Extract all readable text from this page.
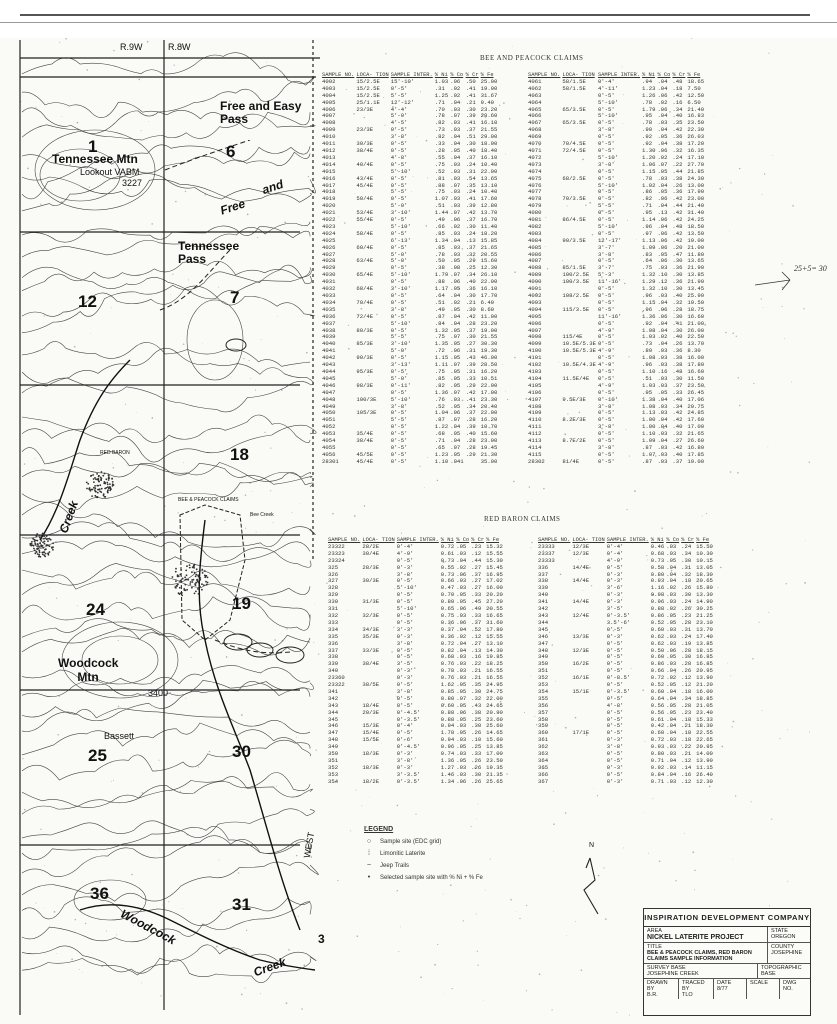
R.9W	R.8W
1	6
7
12
18
19
24
25	30
31
36
3
Tennessee Mtn
Lookout VABM
3227
Free and Easy Pass
Free
and
Tennessee Pass
Woodcock Mtn
3400
Bassett
Woodcock
Creek
Creek
WEST
BEE & PEACOCK CLAIMS
Bee Creek
RED BARON
25+5= 30
BEE AND PEACOCK CLAIMS
SAMPLE NO.	LOCA- TION	SAMPLE INTER.	% Ni	% Co	% Cr	% Fe
4002	15/2.5E	15'-10'	1.03	.06	.50	25.00
4003	15/2.5E	0'-5'	.31	.02	.41	19.00
4004	15/2.5E	5'-5'	1.25	.02	.41	31.67
4005	25/1.1E	12'-12'	.71	.04	.21	9.40
4006	23/3E	4'-4'	.70	.03	.30	23.20
4007		5'-0'	.78	.07	.39	28.60
4008		4'-5'	.82	.03	.41	16.10
4009	23/3E	0'-5'	.73	.03	.37	21.55
4010		3'-8'	.82	.04	.51	29.00
4011	30/3E	0'-5'	.33	.04	.30	18.00
4012	38/4E	0'-5'	.28	.05	.40	18.40
4013		4'-8'	.55	.04	.37	16.10
4014	40/4E	0'-5'	.75	.03	.24	10.40
4015		5'-10'	.52	.03	.31	22.00
4016	43/4E	0'-5'	.81	.03	.54	13.65
4017	45/4E	0'-5'	.88	.07	.35	13.10
4018		5'-5'	.75	.03	.24	10.40
4019	50/4E	0'-5'	1.07	.03	.41	17.60
4020		5'-0'	.51	.03	.39	12.80
4021	53/4E	3'-10'	1.44	.07	.42	13.70
4022	55/4E	0'-5'	.49	.06	.37	16.70
4023		5'-10'	.66	.02	.30	11.40
4024	58/4E	0'-5'	.85	.03	.24	18.20
4025		6'-13'	1.34	.04	.13	15.85
4026	60/4E	0'-5'	.85	.03	.37	21.65
4027		5'-0'	.78	.03	.32	20.55
4028	63/4E	5'-0'	.50	.05	.29	15.60
4029		0'-5'	.38	.08	.25	12.30
4030	65/4E	5'-10'	1.79	.07	.34	26.10
4031		0'-5'	.88	.06	.40	22.00
4032	68/4E	3'-10'	1.17	.05	.36	16.10
4033		0'-5'	.64	.04	.30	17.70
4034	70/4E	0'-5'	.51	.02	.21	6.40
4035		3'-8'	.49	.05	.30	8.60
4036	72/4E	0'-5'	.87	.04	.42	11.00
4037		5'-10'	.84	.04	.28	23.20
4038	80/3E	0'-5'	1.32	.05	.37	19.00
4039		5'-5'	.75	.07	.30	21.55
4040	85/3E	3'-10'	1.35	.05	.27	30.30
4041		5'-0'	.72	.06	.31	19.30
4042	90/3E	0'-5'	1.15	.05	.43	46.00
4043		3'-13'	1.11	.07	.39	28.50
4044	95/3E	0'-5'	.75	.05	.31	16.20
4045		5'-0'	.85	.05	.33	10.51
4046	98/3E	0'-11'	.82	.05	.29	22.00
4047		0'-5'	1.36	.07	.42	17.90
4048	100/3E	5'-10'	.76	.03	.41	23.30
4049		3'-8'	.52	.05	.34	20.40
4050	105/3E	0'-5'	1.04	.06	.37	22.00
4051		5'-5'	.87	.07	.28	16.20
4052		0'-5'	1.22	.04	.39	10.70
4053	35/4E	0'-5'	.68	.05	.40	15.60
4054	38/4E	0'-5'	.71	.04	.28	23.00
4055		0'-5'	.65	.07	.28	19.45
4056	45/5E	0'-5'	1.23	.05	.29	21.30
28301	45/4E	0'-5'	1.10	.041		35.00
SAMPLE NO.	LOCA- TION	SAMPLE INTER.	% Ni	% Co	% Cr	% Fe
4061	58/1.5E	0'-4'	.94	.04	.48	18.65
4062	58/1.5E	4'-11'	1.23	.04	.18	7.50
4063		0'-5'	1.26	.06	.42	12.50
4064		5'-10'	.78	.02	.16	6.50
4065	65/3.5E	0'-5'	1.79	.06	.34	21.40
4066		5'-10'	.95	.04	.40	16.83
4067	65/3.5E	0'-5'	.78	.03	.35	23.50
4068		3'-8'	.90	.04	.42	22.30
4069		0'-5'	.92	.05	.36	26.03
4070	70/4.5E	0'-5'	.92	.04	.38	17.20
4071	72/4.5E	0'-5'	1.30	.06	.32	16.35
4072		5'-10'	1.20	.02	.24	17.10
4073		3'-8'	1.06	.07	.22	27.70
4074		0'-5'	1.15	.05	.44	21.85
4075	68/2.5E	0'-5'	.78	.03	.38	24.30
4076		5'-10'	1.02	.04	.26	13.00
4077		0'-5'	.86	.05	.36	17.90
4078	70/3.5E	0'-5'	.82	.06	.42	23.00
4079		5'-5'	.71	.04	.44	21.40
4080		0'-5'	.95	.13	.42	31.40
4081	86/4.5E	0'-5'	1.14	.06	.42	24.25
4082		5'-10'	.96	.04	.48	18.50
4083		0'-5'	.97	.06	.42	13.50
4084	90/3.5E	12'-17'	1.13	.06	.42	19.00
4085		3'-7'	1.09	.06	.20	21.00
4086		3'-8'	.83	.05	.47	11.80
4087		0'-5'	.64	.06	.30	13.65
4088	85/1.5E	3'-7'	.75	.03	.36	21.90
4089	100/2.5E	5'-3'	1.32	.10	.30	13.85
4090	100/3.5E	11'-16'	1.29	.12	.36	21.90
4091		0'-5'	1.32	.10	.30	13.45
4092	108/2.5E	0'-5'	.96	.03	.40	25.90
4093		0'-5'	1.15	.04	.32	19.50
4094	115/3.5E	0'-5'	.96	.06	.28	18.75
4095		11'-16'	1.36	.06	.30	16.60
4096		0'-5'	.92	.04	.41	21.00
4097		4'-9'	1.08	.04	.30	26.00
4098	115/4E	0'-5'	1.03	.02	.40	22.50
4099	10.5E/5.3E	0'-5'	.73	.04	.26	13.70
4100	10.5E/5.3E	4'-9'	.89	.03	.36	8.30
4101		0'-5'	1.08	.03	.38	16.00
4102	10.5E/4.3E	4'-9'	.96	.03	.38	17.80
4103		0'-5'	1.10	.16	.48	16.60
4104	11.5E/4E	0'-5'	.51	.03	.30	11.50
4105		4'-9'	1.03	.03	.37	23.50
4106		0'-5'	.95	.05	.33	26.45
4107	9.5E/3E	0'-10'	1.38	.04	.40	17.06
4108		3'-8'	1.08	.03	.34	20.75
4109		0'-5'	1.13	.03	.42	24.85
4110	8.2E/3E	0'-5'	1.00	.04	.42	17.60
4111		3'-8'	1.00	.04	.40	17.00
4112		0'-5'	1.10	.03	.32	21.65
4113	8.7E/2E	0'-5'	1.09	.04	.27	26.60
4114		3'-8'	.87	.03	.42	16.80
4115		0'-5'	1.07	.03	.40	17.85
28302	81/4E	0'-5'	.87	.03	.37	19.00
RED BARON CLAIMS
SAMPLE NO.	LOCA- TION	SAMPLE INTER.	% Ni	% Co	% Cr	% Fe
23322	28/2E	0'-4'	0.72	.05	.23	15.32
23323	30/4E	4'-9'	0.61	.03	.12	15.55
23324		0'-5'	0.73	.04	.44	15.30
325	28/3E	0'-3'	0.55	.02	.27	15.45
326		3'-8'	0.73	.06	.37	16.95
327	30/3E	0'-5'	0.66	.03	.27	17.02
328		5'-10'	0.47	.03	.27	16.00
329		0'-5'	0.70	.05	.33	20.20
330	31/3E	0'-5'	0.80	.05	.45	27.20
331		5'-10'	0.65	.06	.49	20.55
332	32/3E	0'-5'	0.75	.03	.33	16.65
333		0'-5'	0.36	.06	.37	31.60
334	34/3E	3'-3'	0.37	.04	.52	17.80
335	35/3E	0'-3'	0.36	.02	.12	15.55
336		3'-8'	0.72	.04	.27	13.10
337	33/3E	0'-5'	0.82	.04	.13	14.30
338		0'-5'	0.68	.03	.16	19.85
339	38/4E	3'-5'	0.76	.03	.22	18.25
340		0'-3'	0.78	.03	.21	16.55
23360		0'-3'	0.76	.03	.21	16.55
23322	38/5E	0'-5'	1.62	.05	.35	24.95
341		3'-8'	0.85	.05	.30	24.75
342		0'-5'	0.80	.07	.32	22.00
343	18/4E	0'-5'	0.60	.05	.43	24.65
344	20/3E	0'-4.5'	0.88	.06	.38	20.90
345		0'-3.5'	0.88	.05	.25	23.60
346	15/3E	0'-4'	0.94	.03	.30	25.60
347	15/4E	0'-5'	1.78	.05	.26	14.65
348	15/5E	0'-6'	0.94	.03	.10	15.60
349		0'-4.5'	0.96	.05	.25	13.85
350	18/3E	0'-3'	0.74	.03	.33	17.00
351		3'-8'	1.36	.05	.26	23.50
352	18/3E	0'-3'	1.27	.03	.26	19.35
353		3'-3.5'	1.46	.03	.30	21.35
354	18/2E	0'-3.5'	1.34	.06	.26	25.65
SAMPLE NO.	LOCA- TION	SAMPLE INTER.	% Ni	% Co	% Cr	% Fe
23333	12/3E	0'-4'	0.46	.03	.24	15.50
23337	12/3E	0'-4'	0.68	.03	.34	10.30
23333		4'-9'	0.73	.05	.30	10.15
336	14/4E	0'-5'	0.58	.04	.31	13.05
337		0'-3'	0.80	.04	.32	18.30
338	14/4E	0'-3'	0.93	.04	.18	20.65
339		3'-6'	1.16	.02	.26	15.80
340		0'-3'	0.98	.03	.30	13.30
341	14/4E	0'-3'	0.96	.03	.24	14.90
342		3'-5'	0.88	.02	.26	30.25
343	12/4E	0'-3.5'	0.86	.05	.23	21.25
344		3.5'-6'	0.52	.05	.28	23.10
345		0'-5'	0.60	.03	.31	13.70
346	13/3E	0'-3'	0.62	.03	.24	17.40
347		0'-5'	0.62	.03	.19	13.85
348	12/3E	0'-5'	0.50	.06	.28	18.15
349		0'-5'	0.60	.05	.30	16.85
350	16/2E	0'-5'	0.86	.03	.28	16.85
351		0'-5'	0.66	.04	.26	20.95
352	16/1E	0'-8.5'	0.72	.02	.12	13.90
353		0'-5'	0.52	.05	.12	21.20
354	15/1E	0'-3.5'	0.60	.04	.18	16.00
355		0'-5'	0.64	.04	.34	18.85
356		4'-8'	0.56	.05	.28	21.05
357		0'-5'	0.56	.05	.23	23.40
358		0'-5'	0.61	.04	.18	15.33
359		0'-5'	0.42	.04	.21	18.30
360	17/1E	0'-5'	0.60	.04	.18	22.55
361		0'-3'	0.72	.03	.18	22.65
362		3'-8'	0.93	.03	.22	20.95
363		0'-5'	0.80	.03	.21	14.00
364		0'-5'	0.71	.04	.12	13.90
365		0'-3'	0.92	.03	.14	11.15
366		0'-5'	0.84	.04	.16	26.40
367		0'-3'	0.71	.03	.12	12.30
LEGEND
○	Sample site (EDC grid)
⁞	Limonitic Laterite
~	Jeep Trails
•	Selected sample site with % Ni + % Fe
N
INSPIRATION DEVELOPMENT COMPANY
AREA
NICKEL LATERITE PROJECT
STATE
OREGON
TITLE
BEE & PEACOCK CLAIMS, RED BARON CLAIMS SAMPLE INFORMATION
COUNTY
JOSEPHINE
SURVEY BASE
JOSEPHINE CREEK
TOPOGRAPHIC BASE
DRAWN BY
B.R.
TRACED BY
TLO
DATE
8/77
SCALE	DWG NO.
